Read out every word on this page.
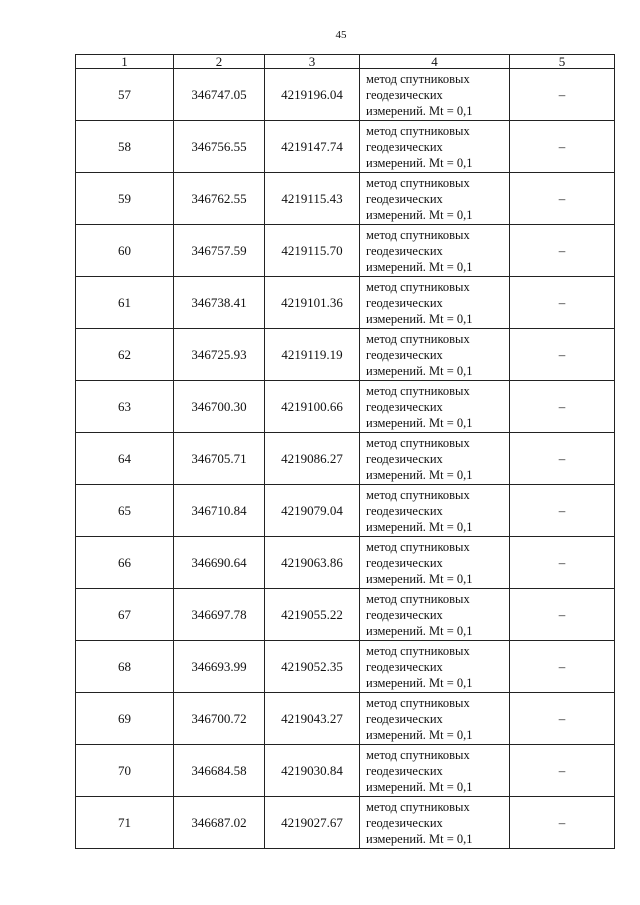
45
1	2	3	4	5
57	346747.05	4219196.04	метод спутниковых
геодезических
измерений. Mt = 0,1	–
58	346756.55	4219147.74	метод спутниковых
геодезических
измерений. Mt = 0,1	–
59	346762.55	4219115.43	метод спутниковых
геодезических
измерений. Mt = 0,1	–
60	346757.59	4219115.70	метод спутниковых
геодезических
измерений. Mt = 0,1	–
61	346738.41	4219101.36	метод спутниковых
геодезических
измерений. Mt = 0,1	–
62	346725.93	4219119.19	метод спутниковых
геодезических
измерений. Mt = 0,1	–
63	346700.30	4219100.66	метод спутниковых
геодезических
измерений. Mt = 0,1	–
64	346705.71	4219086.27	метод спутниковых
геодезических
измерений. Mt = 0,1	–
65	346710.84	4219079.04	метод спутниковых
геодезических
измерений. Mt = 0,1	–
66	346690.64	4219063.86	метод спутниковых
геодезических
измерений. Mt = 0,1	–
67	346697.78	4219055.22	метод спутниковых
геодезических
измерений. Mt = 0,1	–
68	346693.99	4219052.35	метод спутниковых
геодезических
измерений. Mt = 0,1	–
69	346700.72	4219043.27	метод спутниковых
геодезических
измерений. Mt = 0,1	–
70	346684.58	4219030.84	метод спутниковых
геодезических
измерений. Mt = 0,1	–
71	346687.02	4219027.67	метод спутниковых
геодезических
измерений. Mt = 0,1	–
